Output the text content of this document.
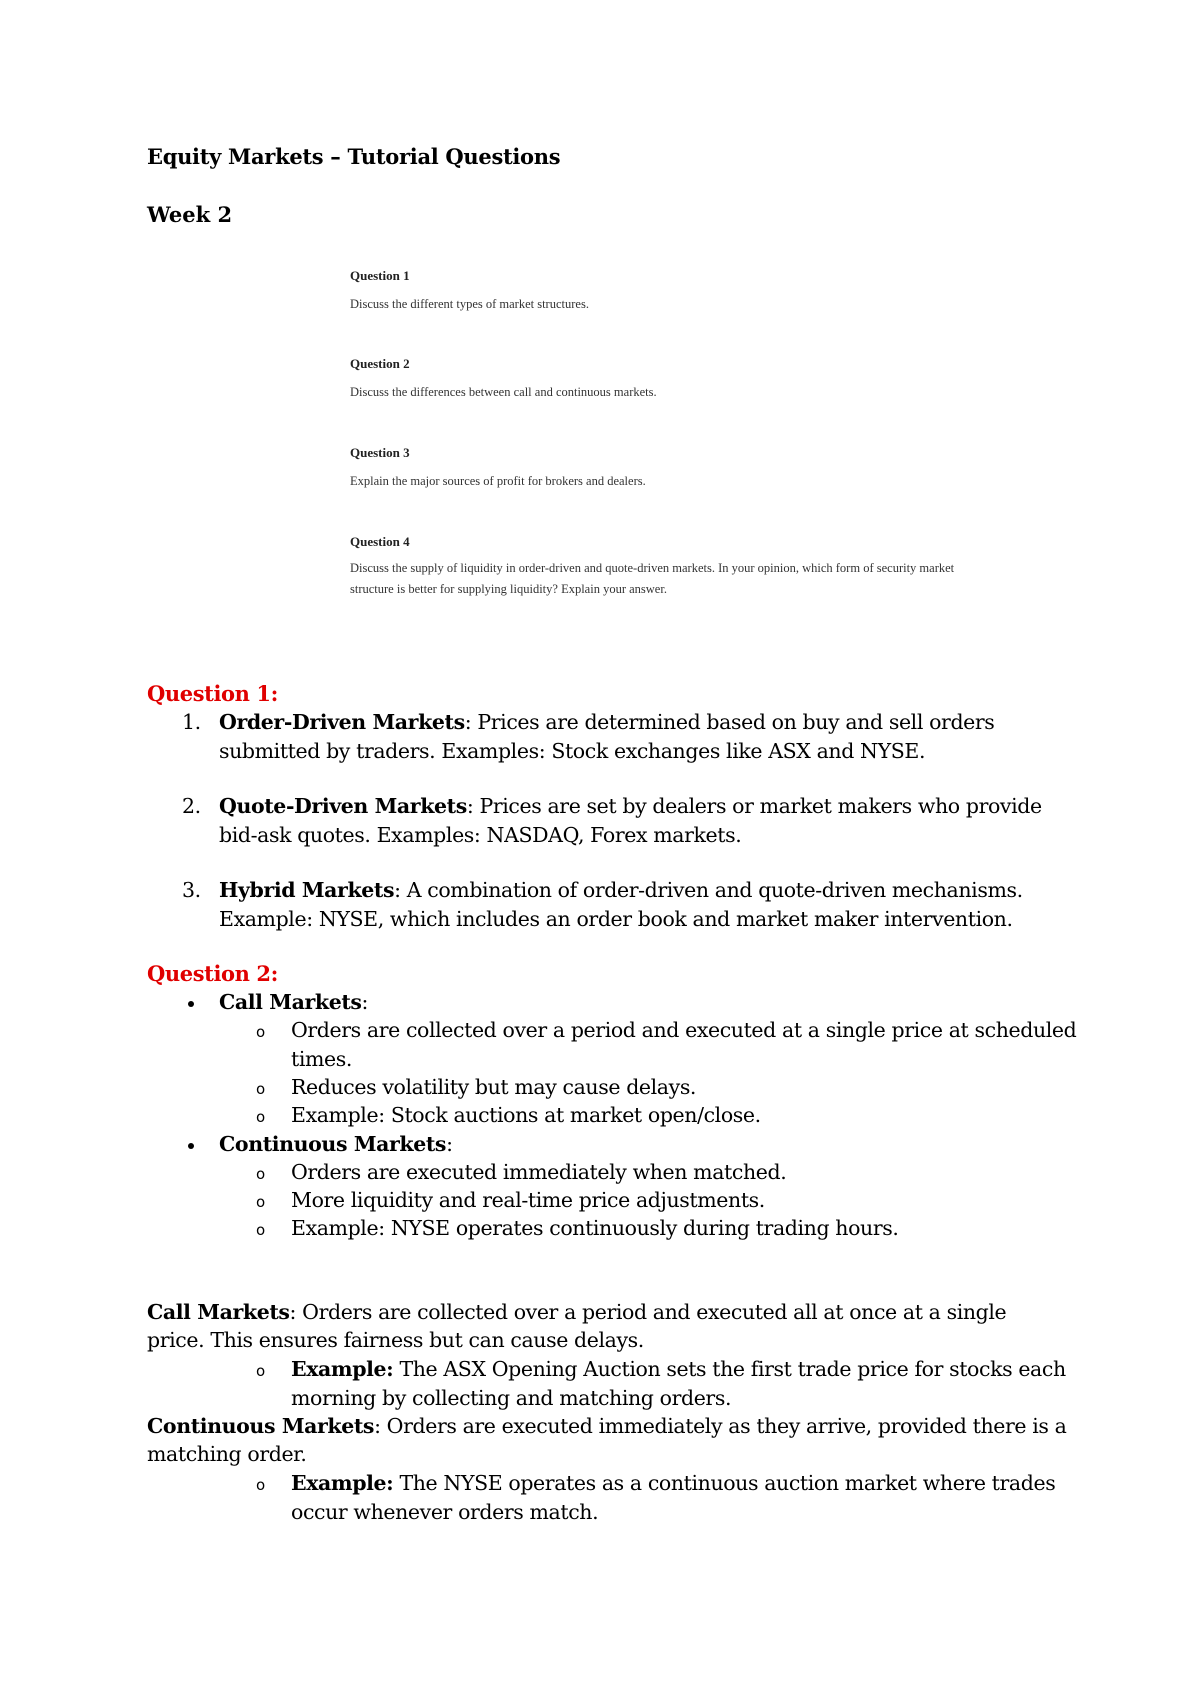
Equity Markets – Tutorial Questions
Week 2

Question 1

Discuss the different types of market structures.

Question 2

Discuss the differences between call and continuous markets.

Question 3

Explain the major sources of profit for brokers and dealers.

Question 4

Discuss the supply of liquidity in order-driven and quote-driven markets. In your opinion, which form of security market structure is better for supplying liquidity? Explain your answer.

Question 1:
1. Order-Driven Markets: Prices are determined based on buy and sell orders submitted by traders. Examples: Stock exchanges like ASX and NYSE.
2. Quote-Driven Markets: Prices are set by dealers or market makers who provide bid-ask quotes. Examples: NASDAQ, Forex markets.
3. Hybrid Markets: A combination of order-driven and quote-driven mechanisms. Example: NYSE, which includes an order book and market maker intervention.
Question 2:
Call Markets:
o Orders are collected over a period and executed at a single price at scheduled times.
o Reduces volatility but may cause delays.
o Example: Stock auctions at market open/close.
Continuous Markets:
o Orders are executed immediately when matched.
o More liquidity and real-time price adjustments.
o Example: NYSE operates continuously during trading hours.
Call Markets: Orders are collected over a period and executed all at once at a single price. This ensures fairness but can cause delays.
o Example: The ASX Opening Auction sets the first trade price for stocks each morning by collecting and matching orders.
Continuous Markets: Orders are executed immediately as they arrive, provided there is a matching order.
o Example: The NYSE operates as a continuous auction market where trades occur whenever orders match.
